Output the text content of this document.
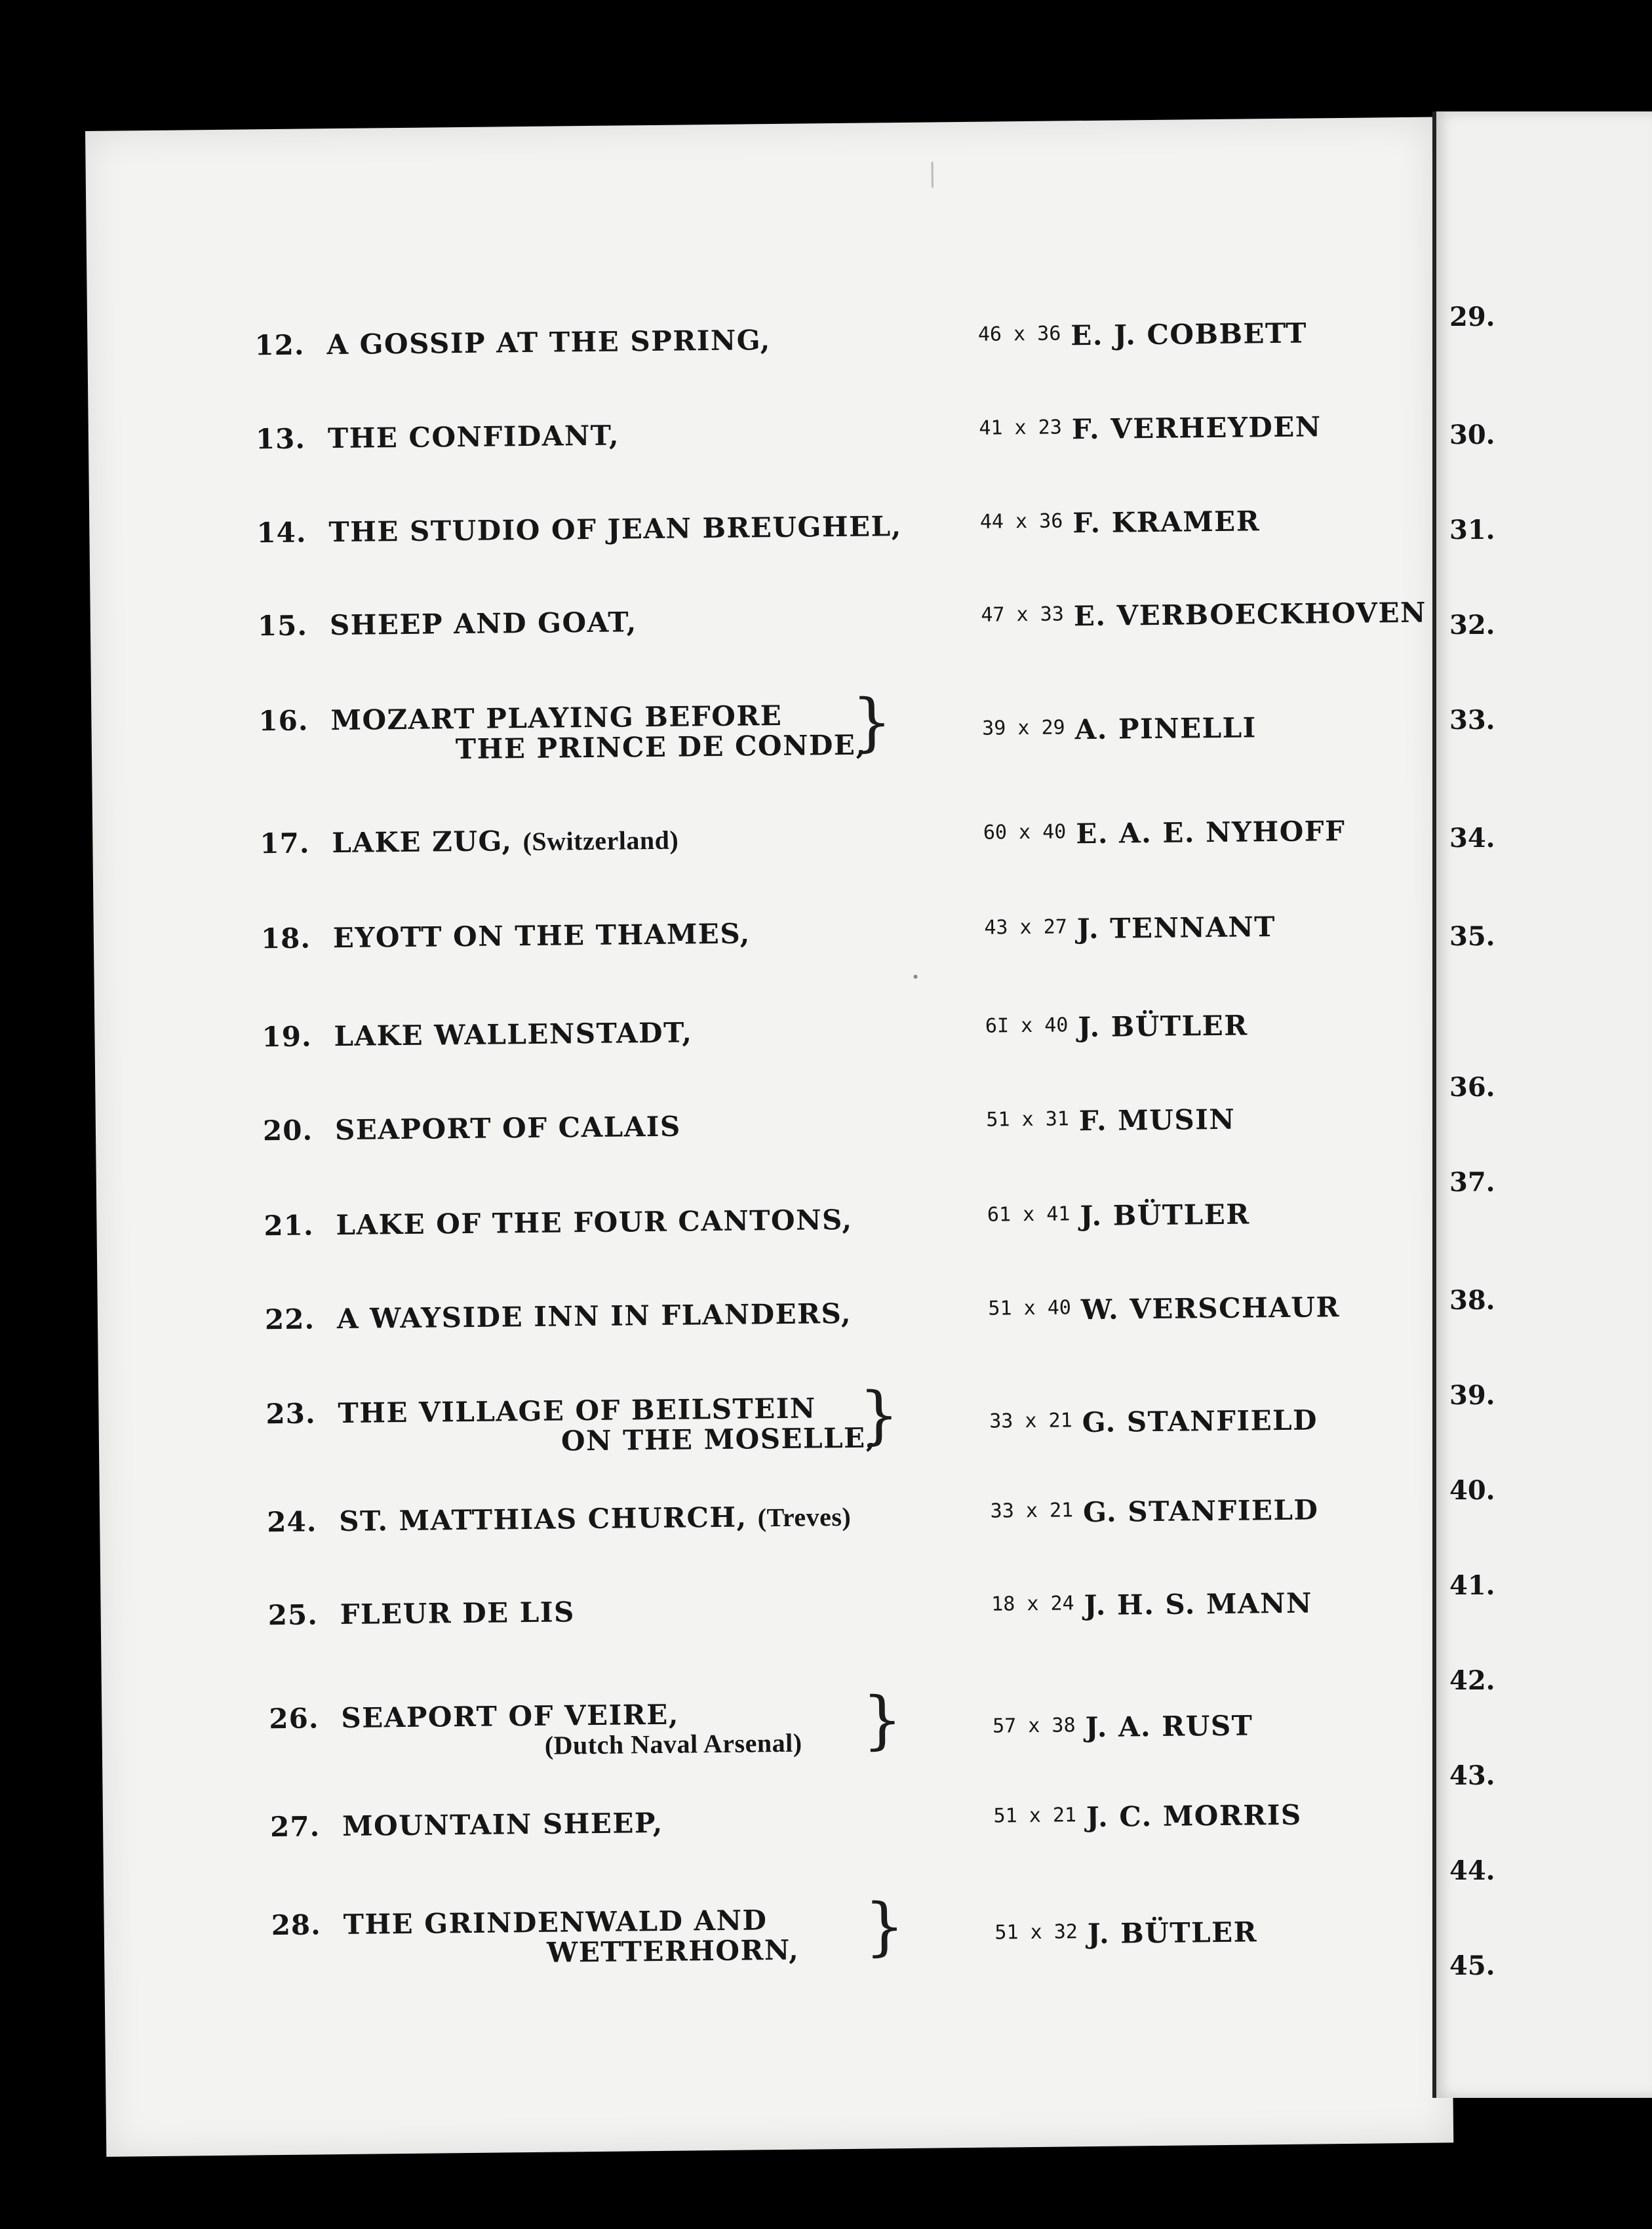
12. A GOSSIP AT THE SPRING,	46 x 36 E. J. COBBETT
13. THE CONFIDANT,	41 x 23 F. VERHEYDEN
14. THE STUDIO OF JEAN BREUGHEL,	44 x 36 F. KRAMER
15. SHEEP AND GOAT,	47 x 33 E. VERBOECKHOVEN
16. MOZART PLAYING BEFORE
THE PRINCE DE CONDE,
}	39 x 29 A. PINELLI
17. LAKE ZUG, (Switzerland)	60 x 40 E. A. E. NYHOFF
18. EYOTT ON THE THAMES,	43 x 27 J. TENNANT
19. LAKE WALLENSTADT,	6I x 40 J. BÜTLER
20. SEAPORT OF CALAIS	51 x 31 F. MUSIN
21. LAKE OF THE FOUR CANTONS,	61 x 41 J. BÜTLER
22. A WAYSIDE INN IN FLANDERS,	51 x 40 W. VERSCHAUR
23. THE VILLAGE OF BEILSTEIN
ON THE MOSELLE,
}	33 x 21 G. STANFIELD
24. ST. MATTHIAS CHURCH, (Treves)	33 x 21 G. STANFIELD
25. FLEUR DE LIS	18 x 24 J. H. S. MANN
26. SEAPORT OF VEIRE,
(Dutch Naval Arsenal) }	57 x 38 J. A. RUST
27. MOUNTAIN SHEEP,	51 x 21 J. C. MORRIS
28. THE GRINDENWALD AND
WETTERHORN, }	51 x 32 J. BÜTLER
29.
30.
31.
32.
33.
34.
35.
36.
37.
38.
39.
40.
41.
42.
43.
44.
45.
